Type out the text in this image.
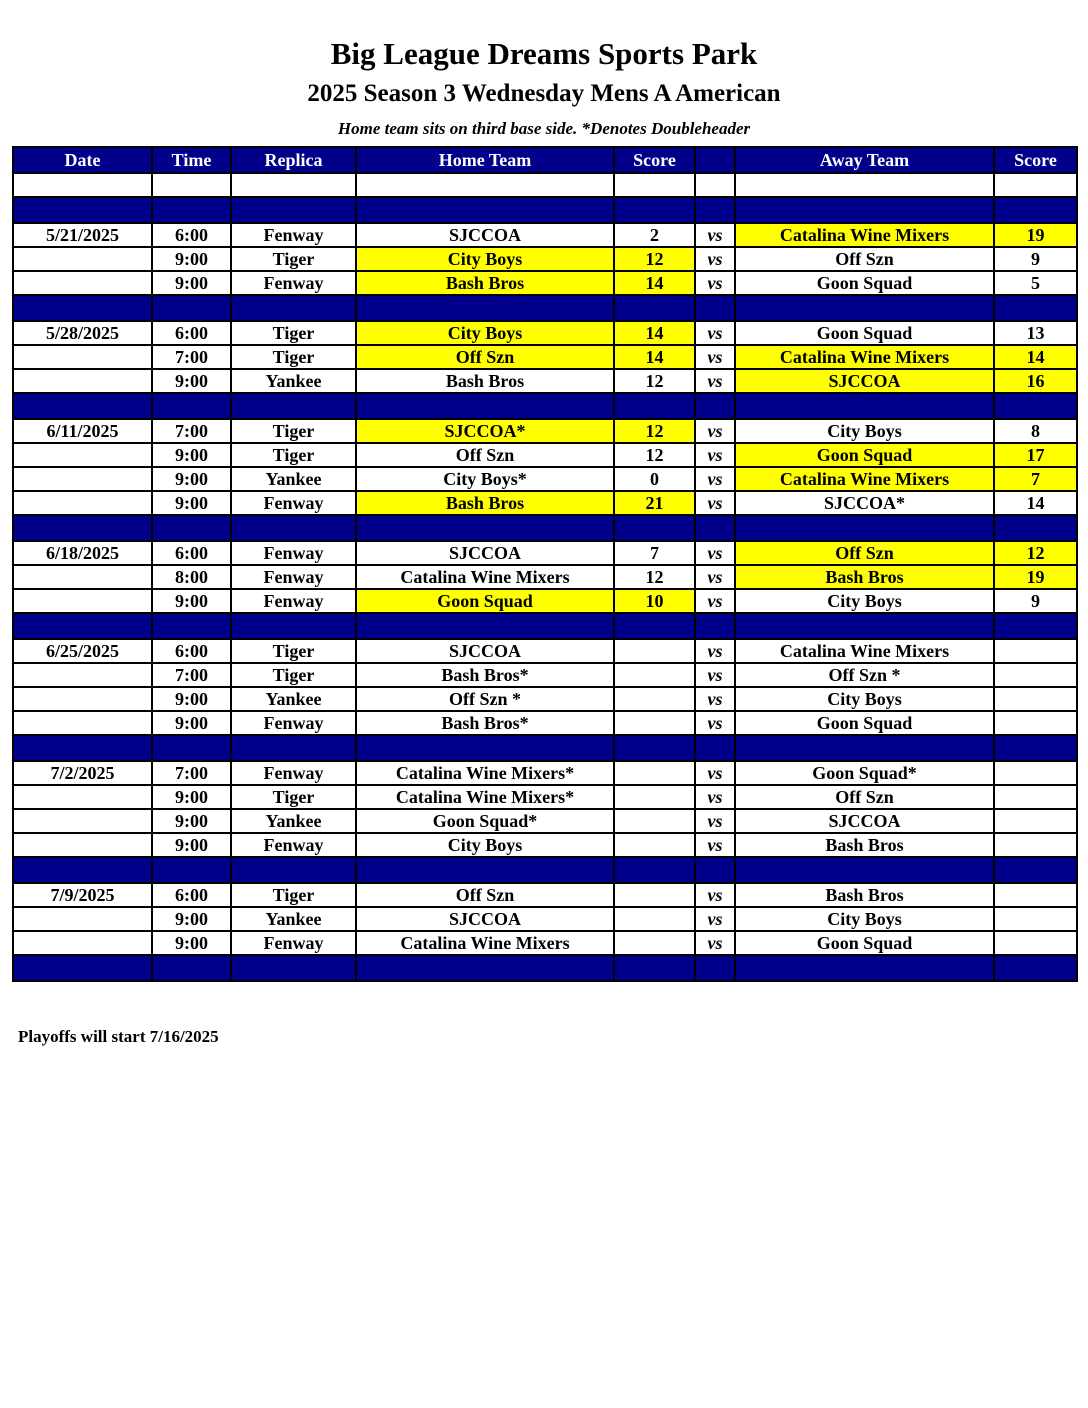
Big League Dreams Sports Park
2025 Season 3 Wednesday Mens A American
Home team sits on third base side. *Denotes Doubleheader
Date	Time	Replica	Home Team	Score		Away Team	Score

5/21/2025	6:00	Fenway	SJCCOA	2	vs	Catalina Wine Mixers	19
	9:00	Tiger	City Boys	12	vs	Off Szn	9
	9:00	Fenway	Bash Bros	14	vs	Goon Squad	5

5/28/2025	6:00	Tiger	City Boys	14	vs	Goon Squad	13
	7:00	Tiger	Off Szn	14	vs	Catalina Wine Mixers	14
	9:00	Yankee	Bash Bros	12	vs	SJCCOA	16

6/11/2025	7:00	Tiger	SJCCOA*	12	vs	City Boys	8
	9:00	Tiger	Off Szn	12	vs	Goon Squad	17
	9:00	Yankee	City Boys*	0	vs	Catalina Wine Mixers	7
	9:00	Fenway	Bash Bros	21	vs	SJCCOA*	14

6/18/2025	6:00	Fenway	SJCCOA	7	vs	Off Szn	12
	8:00	Fenway	Catalina Wine Mixers	12	vs	Bash Bros	19
	9:00	Fenway	Goon Squad	10	vs	City Boys	9

6/25/2025	6:00	Tiger	SJCCOA		vs	Catalina Wine Mixers	
	7:00	Tiger	Bash Bros*		vs	Off Szn *	
	9:00	Yankee	Off Szn *		vs	City Boys	
	9:00	Fenway	Bash Bros*		vs	Goon Squad	

7/2/2025	7:00	Fenway	Catalina Wine Mixers*		vs	Goon Squad*	
	9:00	Tiger	Catalina Wine Mixers*		vs	Off Szn	
	9:00	Yankee	Goon Squad*		vs	SJCCOA	
	9:00	Fenway	City Boys		vs	Bash Bros	

7/9/2025	6:00	Tiger	Off Szn		vs	Bash Bros	
	9:00	Yankee	SJCCOA		vs	City Boys	
	9:00	Fenway	Catalina Wine Mixers		vs	Goon Squad	

Playoffs will start 7/16/2025
